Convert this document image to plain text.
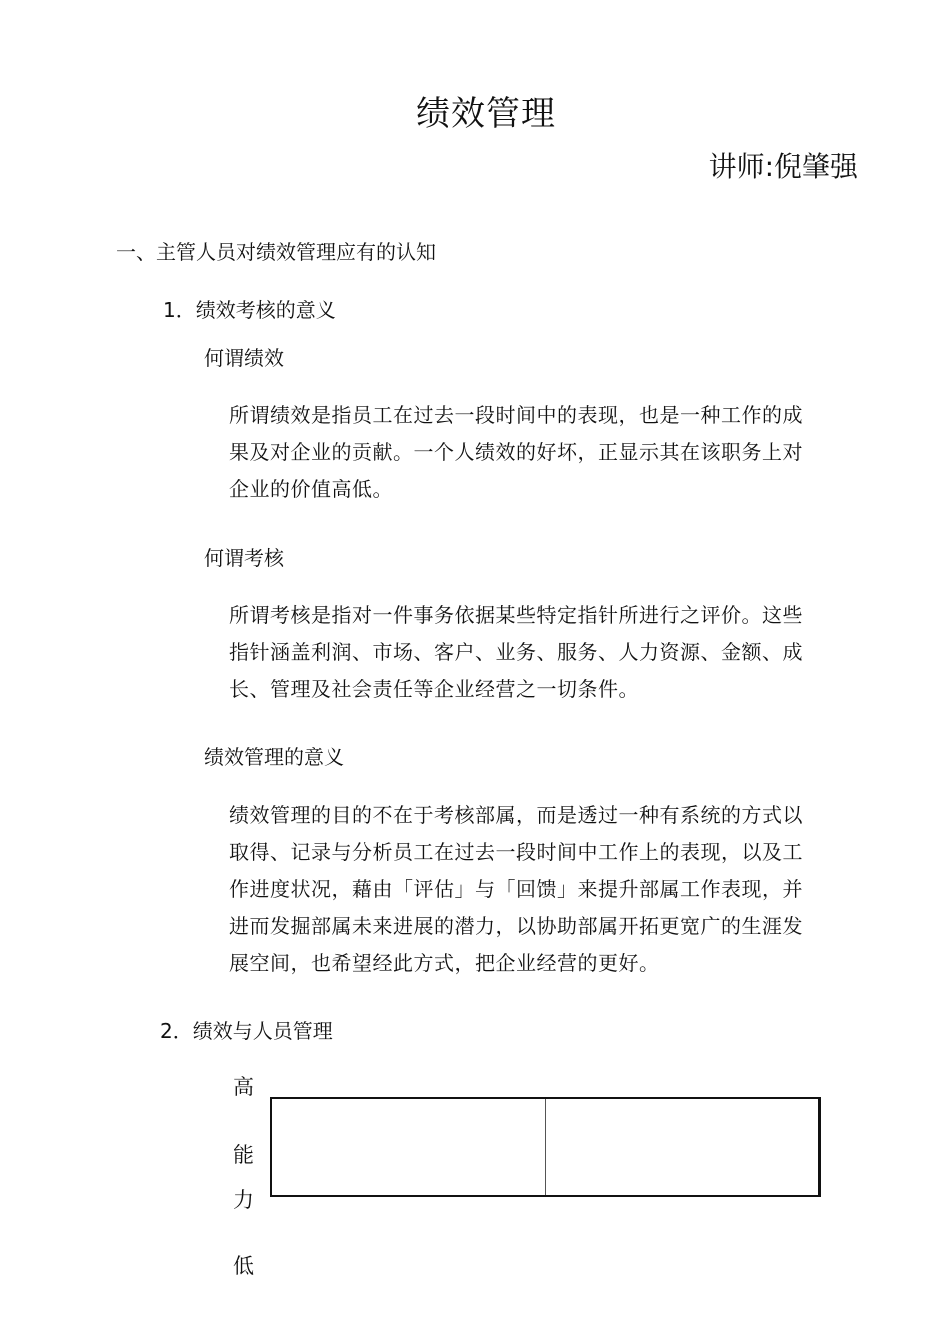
绩效管理
讲师:倪肇强
一、主管人员对绩效管理应有的认知
1．绩效考核的意义
何谓绩效
所谓绩效是指员工在过去一段时间中的表现，也是一种工作的成
果及对企业的贡献。一个人绩效的好坏，正显示其在该职务上对
企业的价值高低。
何谓考核
所谓考核是指对一件事务依据某些特定指针所进行之评价。这些
指针涵盖利润、市场、客户、业务、服务、人力资源、金额、成
长、管理及社会责任等企业经营之一切条件。
绩效管理的意义
绩效管理的目的不在于考核部属，而是透过一种有系统的方式以
取得、记录与分析员工在过去一段时间中工作上的表现，以及工
作进度状况，藉由「评估」与「回馈」来提升部属工作表现，并
进而发掘部属未来进展的潜力，以协助部属开拓更宽广的生涯发
展空间，也希望经此方式，把企业经营的更好。
2．绩效与人员管理
高
能
力
低
